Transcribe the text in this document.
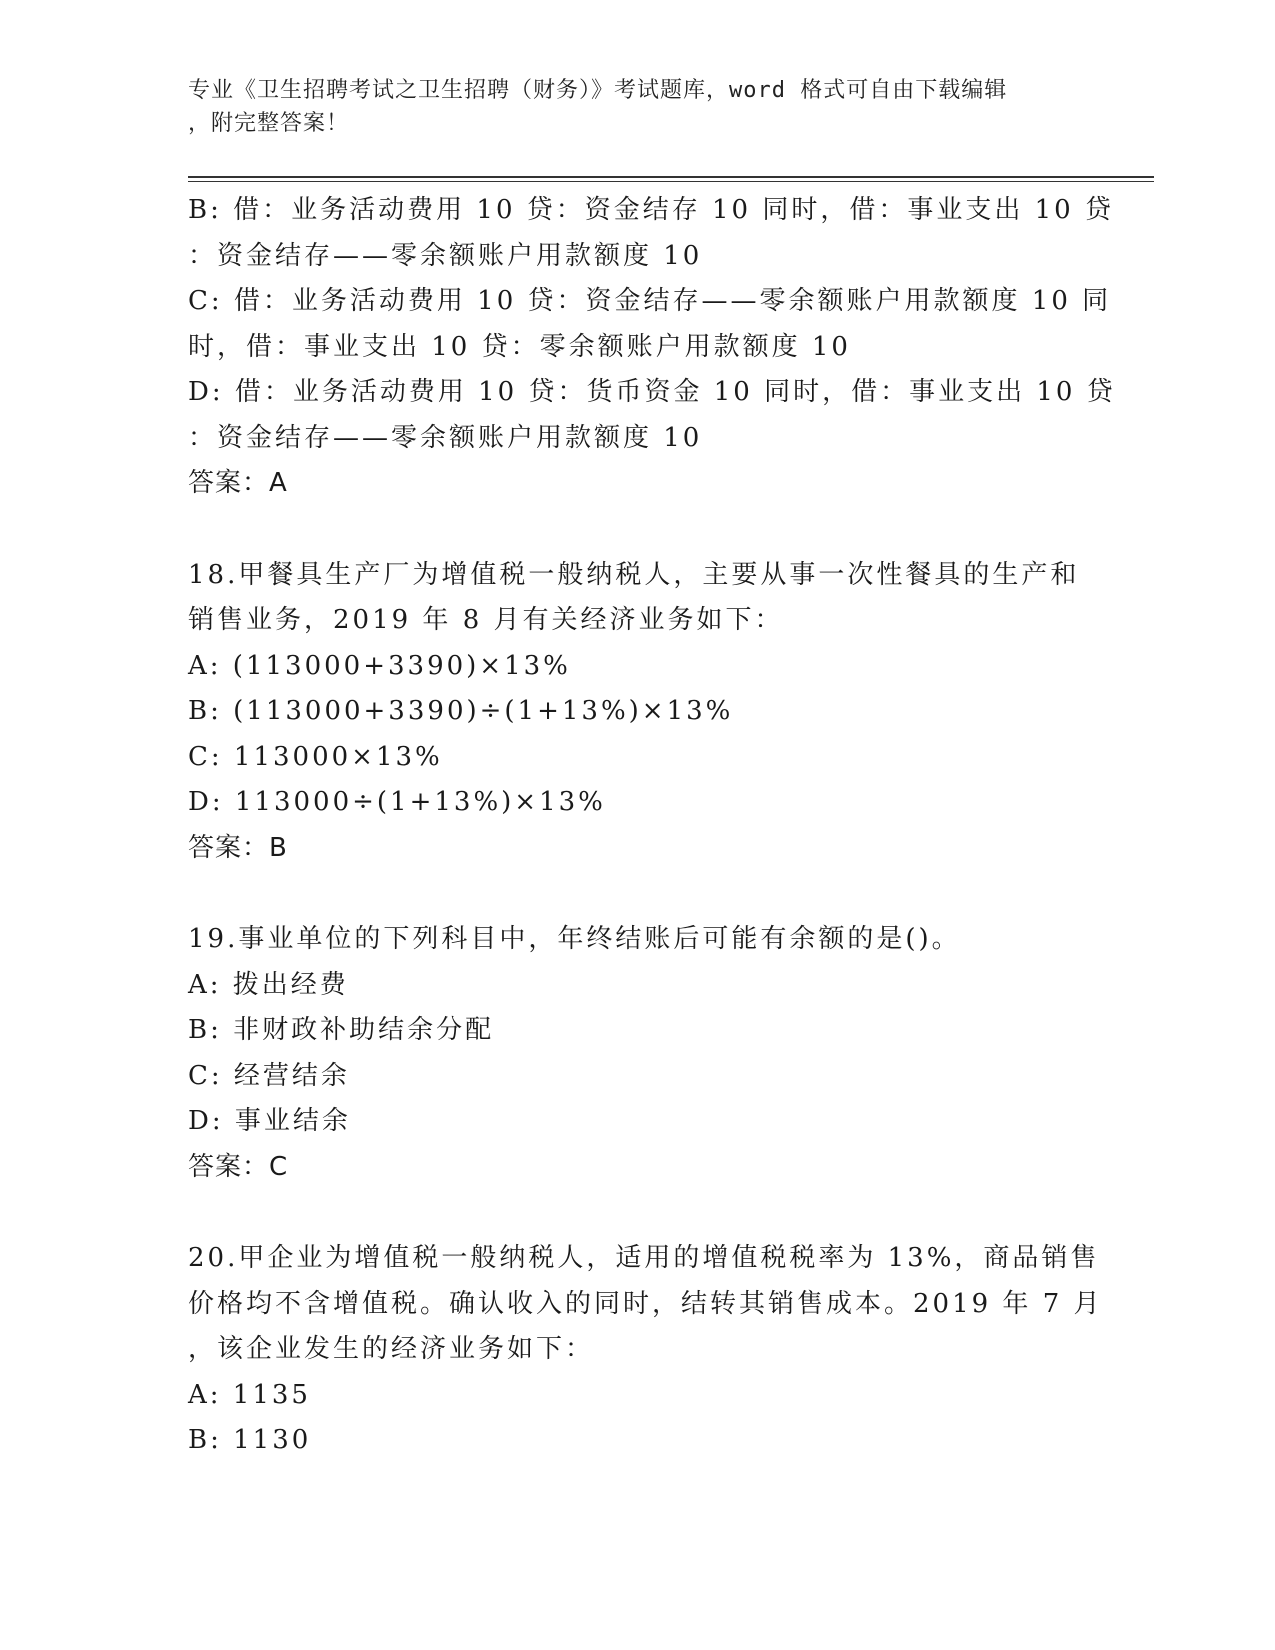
专业《卫生招聘考试之卫生招聘（财务）》考试题库，word 格式可自由下载编辑
，附完整答案！
B: 借：业务活动费用 10 贷：资金结存 10 同时，借：事业支出 10 贷
：资金结存——零余额账户用款额度 10
C: 借：业务活动费用 10 贷：资金结存——零余额账户用款额度 10 同
时，借：事业支出 10 贷：零余额账户用款额度 10
D: 借：业务活动费用 10 贷：货币资金 10 同时，借：事业支出 10 贷
：资金结存——零余额账户用款额度 10
答案：A
18.甲餐具生产厂为增值税一般纳税人，主要从事一次性餐具的生产和
销售业务，2019 年 8 月有关经济业务如下：
A: (113000+3390)×13%
B: (113000+3390)÷(1+13%)×13%
C: 113000×13%
D: 113000÷(1+13%)×13%
答案：B
19.事业单位的下列科目中，年终结账后可能有余额的是()。
A: 拨出经费
B: 非财政补助结余分配
C: 经营结余
D: 事业结余
答案：C
20.甲企业为增值税一般纳税人，适用的增值税税率为 13%，商品销售
价格均不含增值税。确认收入的同时，结转其销售成本。2019 年 7 月
，该企业发生的经济业务如下：
A: 1135
B: 1130
